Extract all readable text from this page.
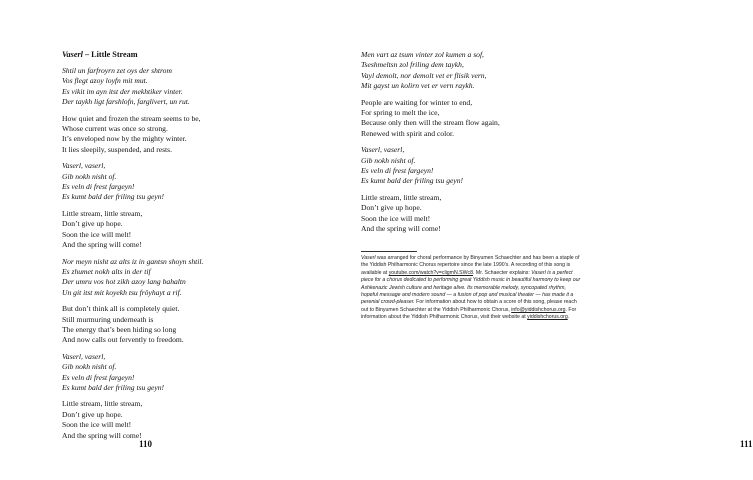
Vaserl – Little Stream
Shtil un farfroyrn zet oys der shtrom
Vos flegt azoy loyfn mit mut.
Es vikit im ayn itst der mekhtiker vinter.
Der taykh ligt farshlofn, farglivert, un rut.
How quiet and frozen the stream seems to be,
Whose current was once so strong.
It’s enveloped now by the mighty winter.
It lies sleepily, suspended, and rests.
Vaserl, vaserl,
Gib nokh nisht of.
Es veln di frest fargeyn!
Es kumt bald der friling tsu geyn!
Little stream, little stream,
Don’t give up hope.
Soon the ice will melt!
And the spring will come!
Nor meyn nisht az alts iz in gantsn shoyn shtil.
Es zhumet nokh alts in der tif
Der umru vos hot zikh azoy lang bahaltn
Un git itst mit koyekh tsu fröyhayt a rif.
But don’t think all is completely quiet.
Still murmuring underneath is
The energy that’s been hiding so long
And now calls out fervently to freedom.
Vaserl, vaserl,
Gib nokh nisht of.
Es veln di frest fargeyn!
Es kumt bald der friling tsu geyn!
Little stream, little stream,
Don’t give up hope.
Soon the ice will melt!
And the spring will come!
110	111
Men vart az tsum vinter zol kumen a sof,
Tseshmeltsn zol friling dem taykh,
Vayl demolt, nor demolt vet er flisik vern,
Mit gayst un kolirn vet er vern raykh.
People are waiting for winter to end,
For spring to melt the ice,
Because only then will the stream flow again,
Renewed with spirit and color.
Vaserl, vaserl,
Gib nokh nisht of.
Es veln di frest fargeyn!
Es kumt bald der friling tsu geyn!
Little stream, little stream,
Don’t give up hope.
Soon the ice will melt!
And the spring will come!
Vaserl was arranged for choral performance by Binyumen Schaechter and has been a staple of the Yiddish Philharmonic Chorus repertoire since the late 1990’s. A recording of this song is available at youtube.com/watch?v=cligmN.SWc8. Mr. Schaecter explains: Vaserl is a perfect piece for a chorus dedicated to performing great Yiddish music in beautiful harmony to keep our Ashkenazic Jewish culture and heritage alive. Its memorable melody, syncopated rhythm, hopeful message and modern sound — a fusion of pop and musical theater — has made it a perenial crowd-pleaser. For information about how to obtain a score of this song, please reach out to Binyumen Schaechter at the Yiddish Philharmonic Chorus, info@yiddishchorus.org. For information about the Yiddish Philharmonic Chorus, visit their website at yiddishchorus.org.
